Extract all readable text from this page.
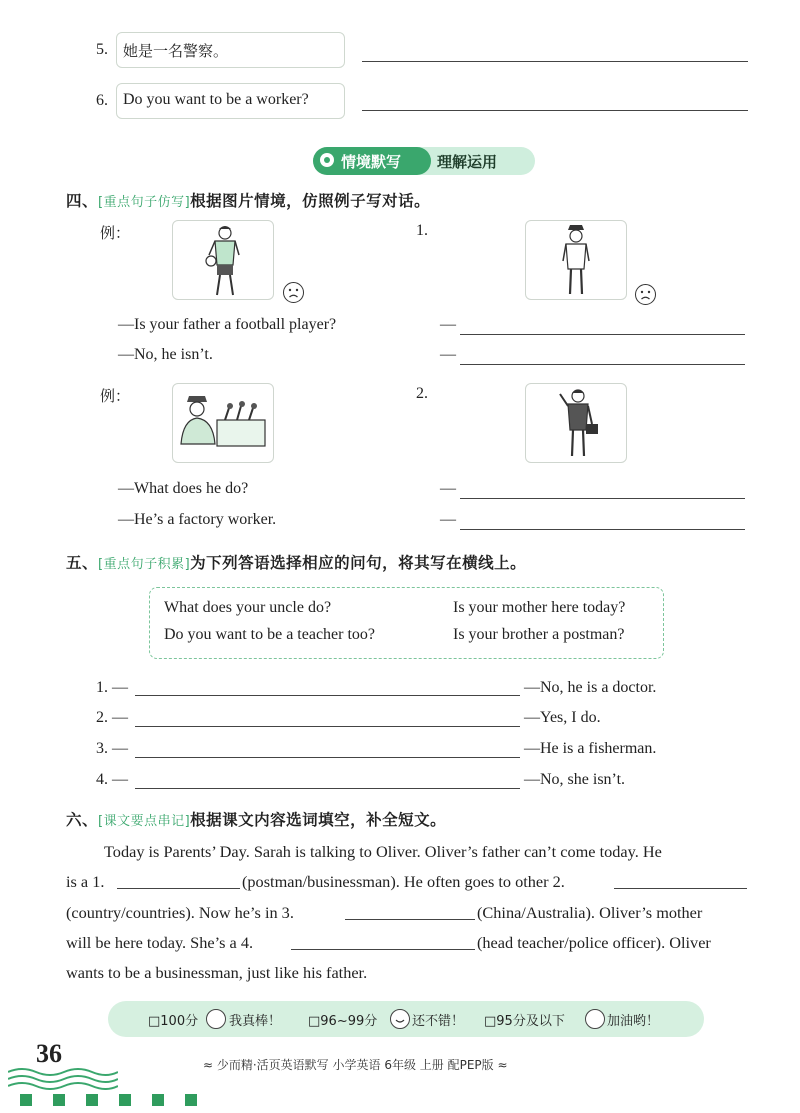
5. 她是一名警察。
6. Do you want to be a worker?
情境默写 理解运用
四、[重点句子仿写]根据图片情境，仿照例子写对话。
例：	1.
—Is your father a football player?
—No, he isn’t.
—
—
例：	2.
—What does he do?
—He’s a factory worker.
—
—
五、[重点句子积累]为下列答语选择相应的问句，将其写在横线上。
What does your uncle do?	Is your mother here today?
Do you want to be a teacher too?	Is your brother a postman?
1. —	—No, he is a doctor.
2. —	—Yes, I do.
3. —	—He is a fisherman.
4. —	—No, she isn’t.
六、[课文要点串记]根据课文内容选词填空，补全短文。
Today is Parents’ Day. Sarah is talking to Oliver. Oliver’s father can’t come today. He
is a 1.	(postman/businessman). He often goes to other 2.
(country/countries). Now he’s in 3.	(China/Australia). Oliver’s mother
will be here today. She’s a 4.	(head teacher/police officer). Oliver
wants to be a businessman, just like his father.
□100分 我真棒！ □96~99分	还不错！ □95分及以下	加油哟！
36	≈ 少而精·活页英语默写 小学英语 6年级 上册 配PEP版 ≈
